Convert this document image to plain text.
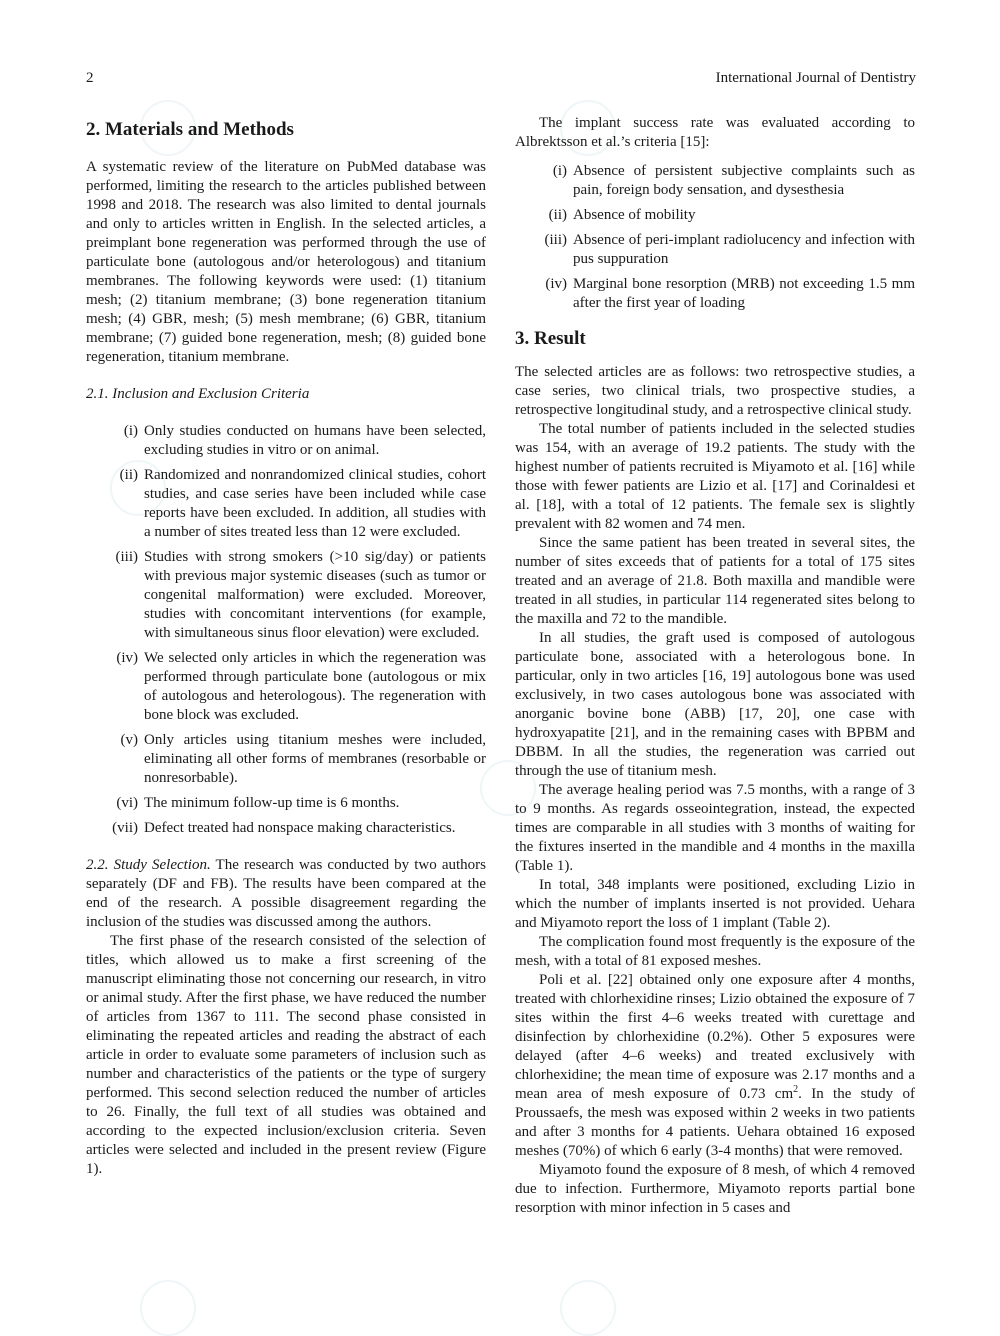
2	International Journal of Dentistry
2. Materials and Methods

A systematic review of the literature on PubMed database was performed, limiting the research to the articles published between 1998 and 2018. The research was also limited to dental journals and only to articles written in English. In the selected articles, a preimplant bone regeneration was performed through the use of particulate bone (autologous and/or heterologous) and titanium membranes. The following keywords were used: (1) titanium mesh; (2) titanium membrane; (3) bone regeneration titanium mesh; (4) GBR, mesh; (5) mesh membrane; (6) GBR, titanium membrane; (7) guided bone regeneration, mesh; (8) guided bone regeneration, titanium membrane.

2.1. Inclusion and Exclusion Criteria
(i) Only studies conducted on humans have been selected, excluding studies in vitro or on animal.
(ii) Randomized and nonrandomized clinical studies, cohort studies, and case series have been included while case reports have been excluded. In addition, all studies with a number of sites treated less than 12 were excluded.
(iii) Studies with strong smokers (>10 sig/day) or patients with previous major systemic diseases (such as tumor or congenital malformation) were excluded. Moreover, studies with concomitant interventions (for example, with simultaneous sinus floor elevation) were excluded.
(iv) We selected only articles in which the regeneration was performed through particulate bone (autologous or mix of autologous and heterologous). The regeneration with bone block was excluded.
(v) Only articles using titanium meshes were included, eliminating all other forms of membranes (resorbable or nonresorbable).
(vi) The minimum follow-up time is 6 months.
(vii) Defect treated had nonspace making characteristics.

2.2. Study Selection. The research was conducted by two authors separately (DF and FB). The results have been compared at the end of the research. A possible disagreement regarding the inclusion of the studies was discussed among the authors.

The first phase of the research consisted of the selection of titles, which allowed us to make a first screening of the manuscript eliminating those not concerning our research, in vitro or animal study. After the first phase, we have reduced the number of articles from 1367 to 111. The second phase consisted in eliminating the repeated articles and reading the abstract of each article in order to evaluate some parameters of inclusion such as number and characteristics of the patients or the type of surgery performed. This second selection reduced the number of articles to 26. Finally, the full text of all studies was obtained and according to the expected inclusion/exclusion criteria. Seven articles were selected and included in the present review (Figure 1).

The implant success rate was evaluated according to Albrektsson et al.’s criteria [15]:

(i) Absence of persistent subjective complaints such as pain, foreign body sensation, and dysesthesia
(ii) Absence of mobility
(iii) Absence of peri-implant radiolucency and infection with pus suppuration
(iv) Marginal bone resorption (MRB) not exceeding 1.5 mm after the first year of loading
3. Result

The selected articles are as follows: two retrospective studies, a case series, two clinical trials, two prospective studies, a retrospective longitudinal study, and a retrospective clinical study.

The total number of patients included in the selected studies was 154, with an average of 19.2 patients. The study with the highest number of patients recruited is Miyamoto et al. [16] while those with fewer patients are Lizio et al. [17] and Corinaldesi et al. [18], with a total of 12 patients. The female sex is slightly prevalent with 82 women and 74 men.

Since the same patient has been treated in several sites, the number of sites exceeds that of patients for a total of 175 sites treated and an average of 21.8. Both maxilla and mandible were treated in all studies, in particular 114 regenerated sites belong to the maxilla and 72 to the mandible.

In all studies, the graft used is composed of autologous particulate bone, associated with a heterologous bone. In particular, only in two articles [16, 19] autologous bone was used exclusively, in two cases autologous bone was associated with anorganic bovine bone (ABB) [17, 20], one case with hydroxyapatite [21], and in the remaining cases with BPBM and DBBM. In all the studies, the regeneration was carried out through the use of titanium mesh.

The average healing period was 7.5 months, with a range of 3 to 9 months. As regards osseointegration, instead, the expected times are comparable in all studies with 3 months of waiting for the fixtures inserted in the mandible and 4 months in the maxilla (Table 1).

In total, 348 implants were positioned, excluding Lizio in which the number of implants inserted is not provided. Uehara and Miyamoto report the loss of 1 implant (Table 2).

The complication found most frequently is the exposure of the mesh, with a total of 81 exposed meshes.

Poli et al. [22] obtained only one exposure after 4 months, treated with chlorhexidine rinses; Lizio obtained the exposure of 7 sites within the first 4–6 weeks treated with curettage and disinfection by chlorhexidine (0.2%). Other 5 exposures were delayed (after 4–6 weeks) and treated exclusively with chlorhexidine; the mean time of exposure was 2.17 months and a mean area of mesh exposure of 0.73 $cm^2$. In the study of Proussaefs, the mesh was exposed within 2 weeks in two patients and after 3 months for 4 patients. Uehara obtained 16 exposed meshes (70%) of which 6 early (3-4 months) that were removed.

Miyamoto found the exposure of 8 mesh, of which 4 removed due to infection. Furthermore, Miyamoto reports partial bone resorption with minor infection in 5 cases and
